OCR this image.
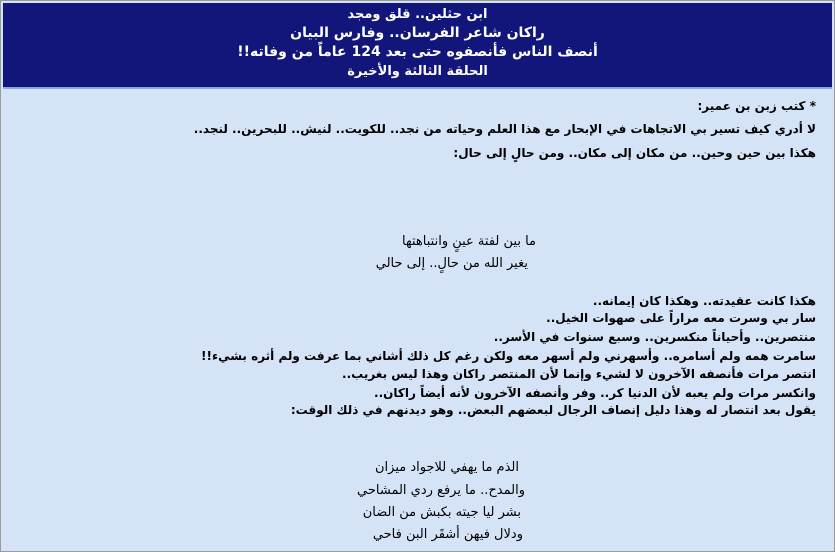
ابن حثلين.. قلق ومجد
راكان شاعر الفرسان.. وفارس البيان
أنصف الناس فأنصفوه حتى بعد 124 عاماً من وفاته!!
الحلقة الثالثة والأخيرة
* كتب زبن بن عمير:
لا أدري كيف تسير بي الاتجاهات في الإبحار مع هذا العلم وحياته من نجد.. للكويت.. لنيش.. للبحرين.. لنجد..
هكذا بين حين وحين.. من مكان إلى مكان.. ومن حالٍ إلى حال:
ما بين لفتة عينٍ وانتباهتها
يغير الله من حالٍ.. إلى حالي
هكذا كانت عقيدته.. وهكذا كان إيمانه..
سار بي وسرت معه مراراً على صهوات الخيل..
منتصرين.. وأحياناً منكسرين.. وسبع سنوات في الأسر..
سامرت همه ولم أسامره.. وأسهرني ولم أسهر معه ولكن رغم كل ذلك أشاني بما عرفت ولم أثره بشيء!!
انتصر مرات فأنصفه الآخرون لا لشيء وإنما لأن المنتصر راكان وهذا ليس بغريب..
وانكسر مرات ولم يعبه لأن الدنيا كر.. وفر وأنصفه الآخرون لأنه أيضاً راكان..
يقول بعد انتصار له وهذا دليل إنصاف الرجال لبعضهم البعض.. وهو ديدنهم في ذلك الوقت:
الذم ما يهفي للاجواد ميزان
والمدح.. ما يرفع ردي المشاحي
بشر ليا جيته بكبش من الضان
ودلال فيهن أشقَر البن فاحي
